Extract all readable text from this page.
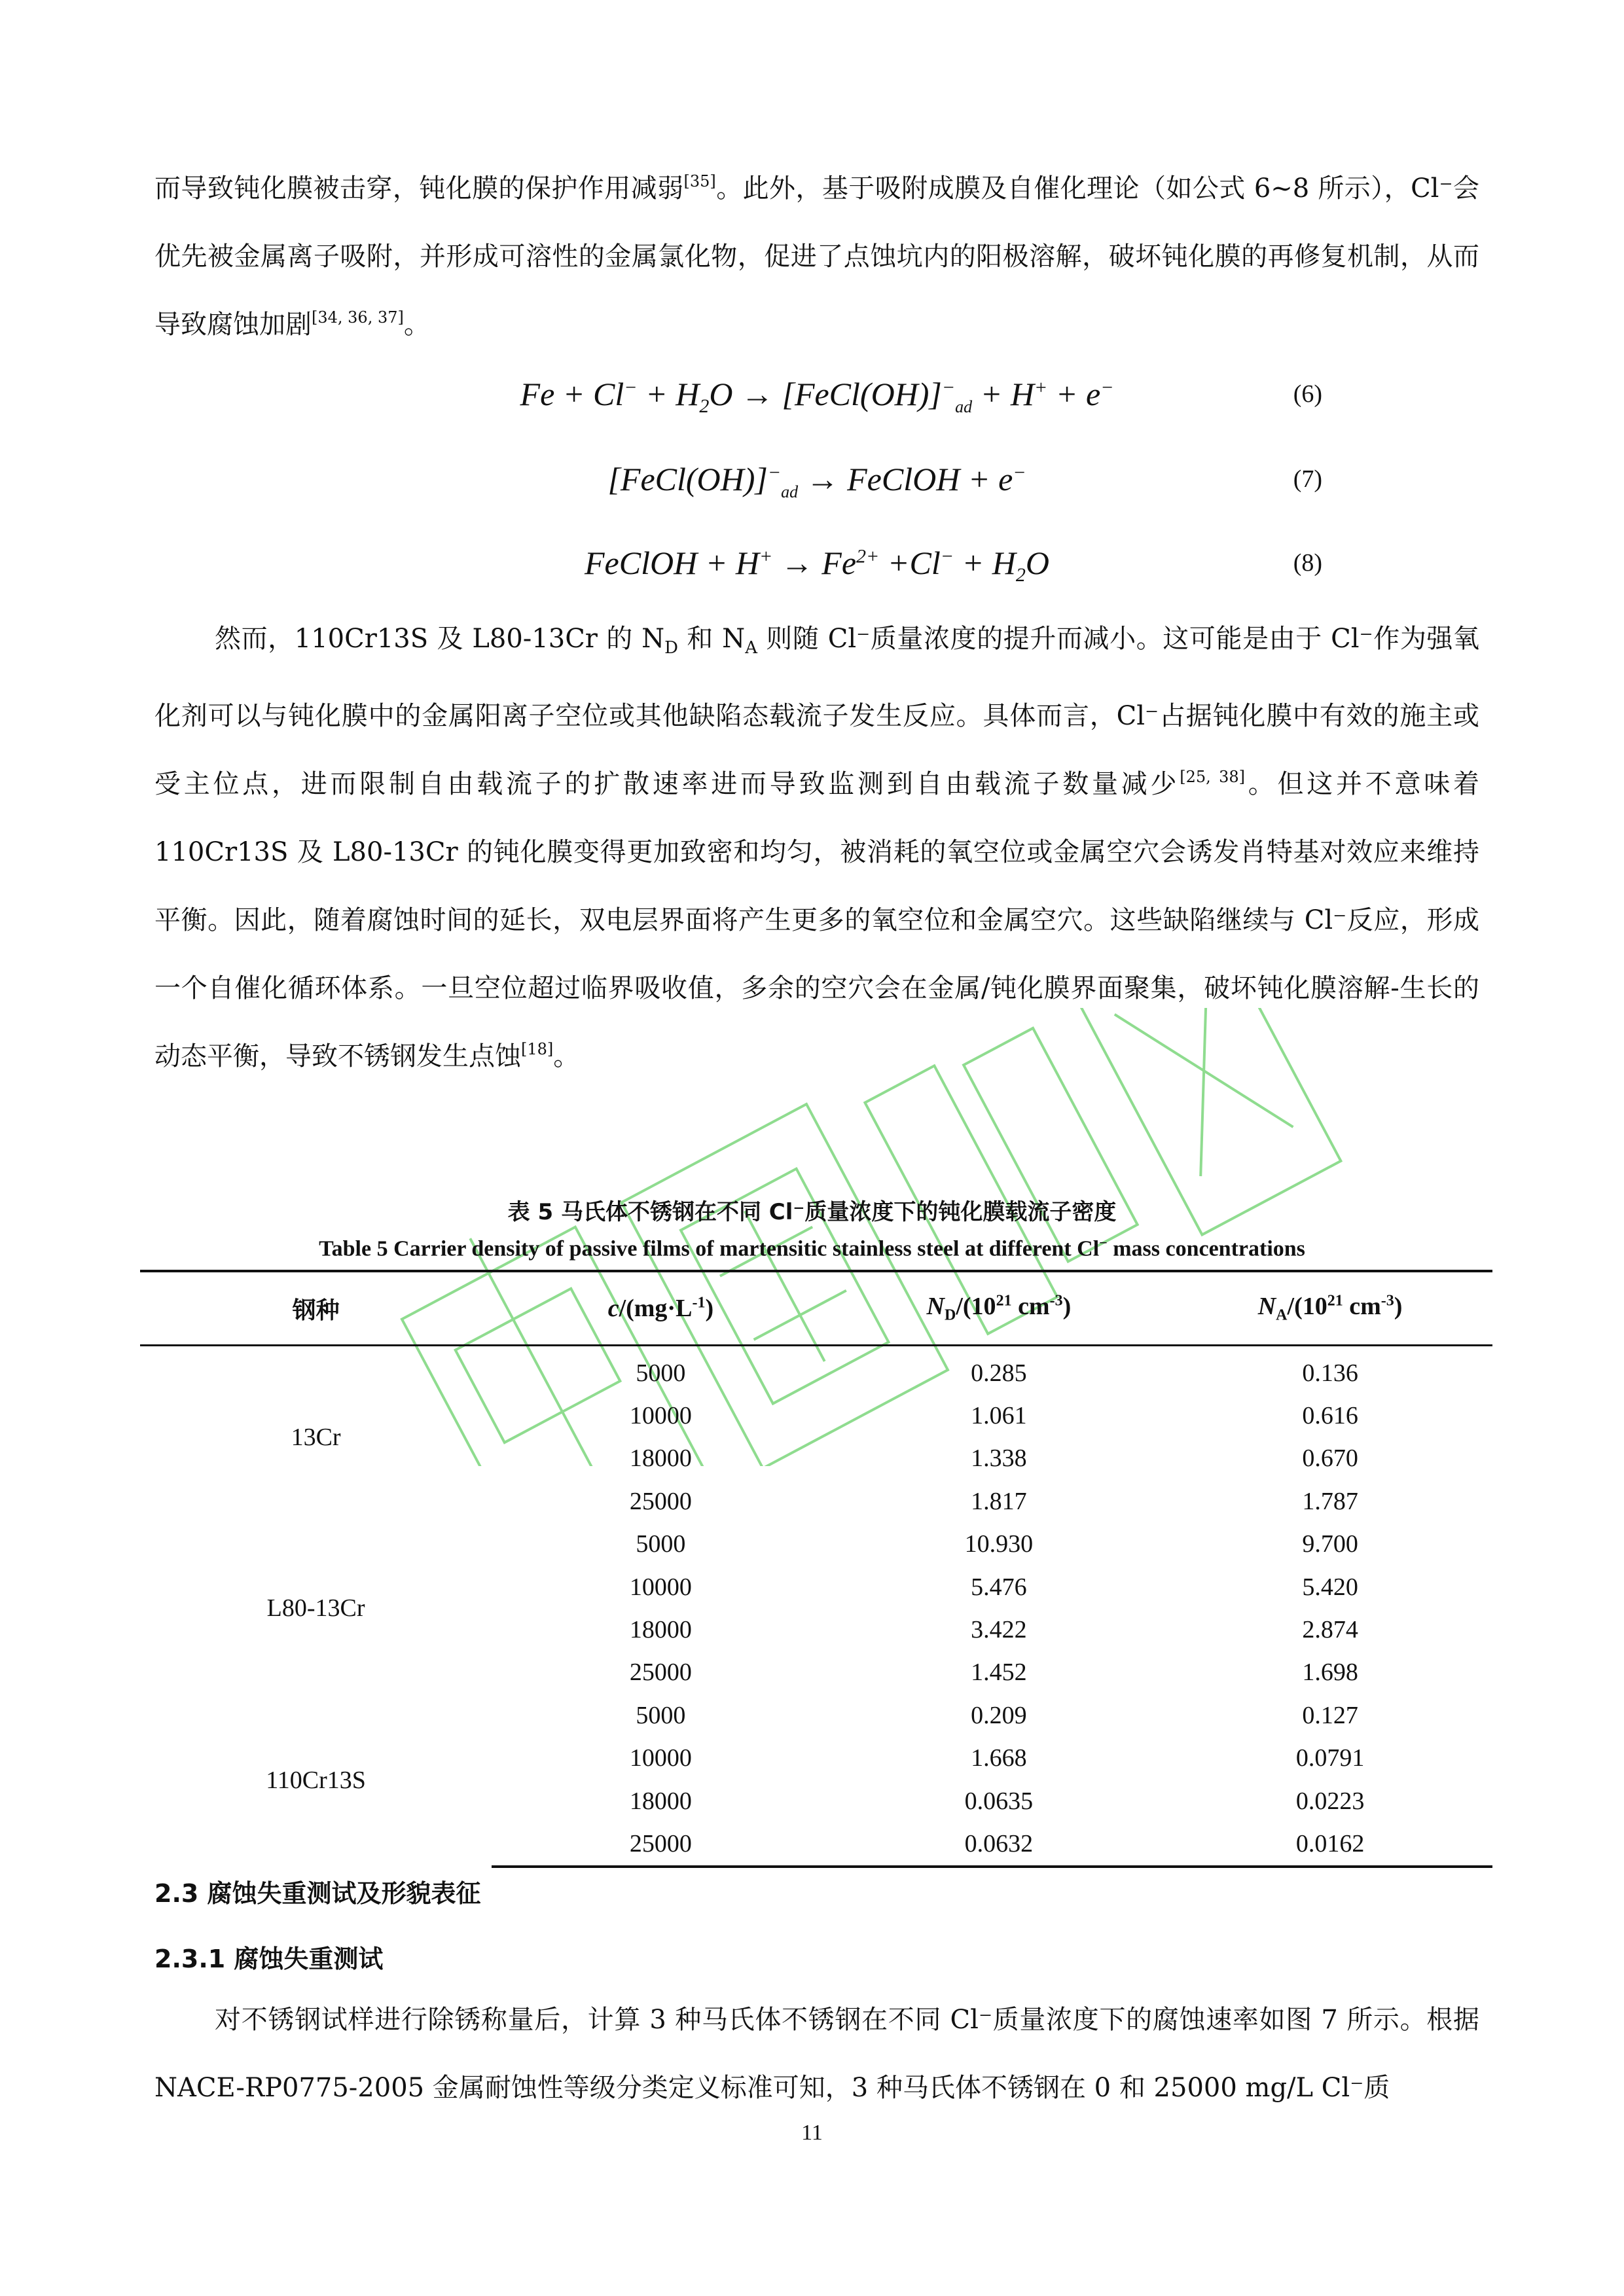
而导致钝化膜被击穿，钝化膜的保护作用减弱[35]。此外，基于吸附成膜及自催化理论（如公式 6~8 所示），Cl⁻会优先被金属离子吸附，并形成可溶性的金属氯化物，促进了点蚀坑内的阳极溶解，破坏钝化膜的再修复机制，从而导致腐蚀加剧[34, 36, 37]。

$Fe + Cl^- + H_2O$ → $[FeCl(OH)]^-_{ad} + H^+ + e^-$	(6)
$[FeCl(OH)]^-_{ad}$ → FeClOH + e−	(7)
FeClOH + $H^+ \to Fe^{2+} +Cl^- + H_2O$	(8)

然而，110Cr13S 及 L80-13Cr 的 $N_D$ 和 $N_A$ 则随 Cl⁻质量浓度的提升而减小。这可能是由于 Cl⁻作为强氧化剂可以与钝化膜中的金属阳离子空位或其他缺陷态载流子发生反应。具体而言，Cl⁻占据钝化膜中有效的施主或受主位点，进而限制自由载流子的扩散速率进而导致监测到自由载流子数量减少[25, 38]。但这并不意味着 110Cr13S 及 L80-13Cr 的钝化膜变得更加致密和均匀，被消耗的氧空位或金属空穴会诱发肖特基对效应来维持平衡。因此，随着腐蚀时间的延长，双电层界面将产生更多的氧空位和金属空穴。这些缺陷继续与 Cl⁻反应，形成一个自催化循环体系。一旦空位超过临界吸收值，多余的空穴会在金属/钝化膜界面聚集，破坏钝化膜溶解-生长的动态平衡，导致不锈钢发生点蚀[18]。

表 5 马氏体不锈钢在不同 Cl⁻质量浓度下的钝化膜载流子密度
Table 5 Carrier density of passive films of martensitic stainless steel at different Cl− mass concentrations
钢种	$c/(mg\cdot L^{-1})$	$N_D/(10^{21}$ $cm^{-3}$)	$N_A/(10^{21}$ $cm^{-3}$)
13Cr	5000	0.285	0.136
	10000	1.061	0.616
	18000	1.338	0.670
	25000	1.817	1.787
L80-13Cr	5000	10.930	9.700
	10000	5.476	5.420
	18000	3.422	2.874
	25000	1.452	1.698
110Cr13S	5000	0.209	0.127
	10000	1.668	0.0791
	18000	0.0635	0.0223
	25000	0.0632	0.0162
2.3 腐蚀失重测试及形貌表征
2.3.1 腐蚀失重测试

对不锈钢试样进行除锈称量后，计算 3 种马氏体不锈钢在不同 Cl⁻质量浓度下的腐蚀速率如图 7 所示。根据 NACE-RP0775-2005 金属耐蚀性等级分类定义标准可知，3 种马氏体不锈钢在 0 和 25000 mg/L Cl⁻质

11
